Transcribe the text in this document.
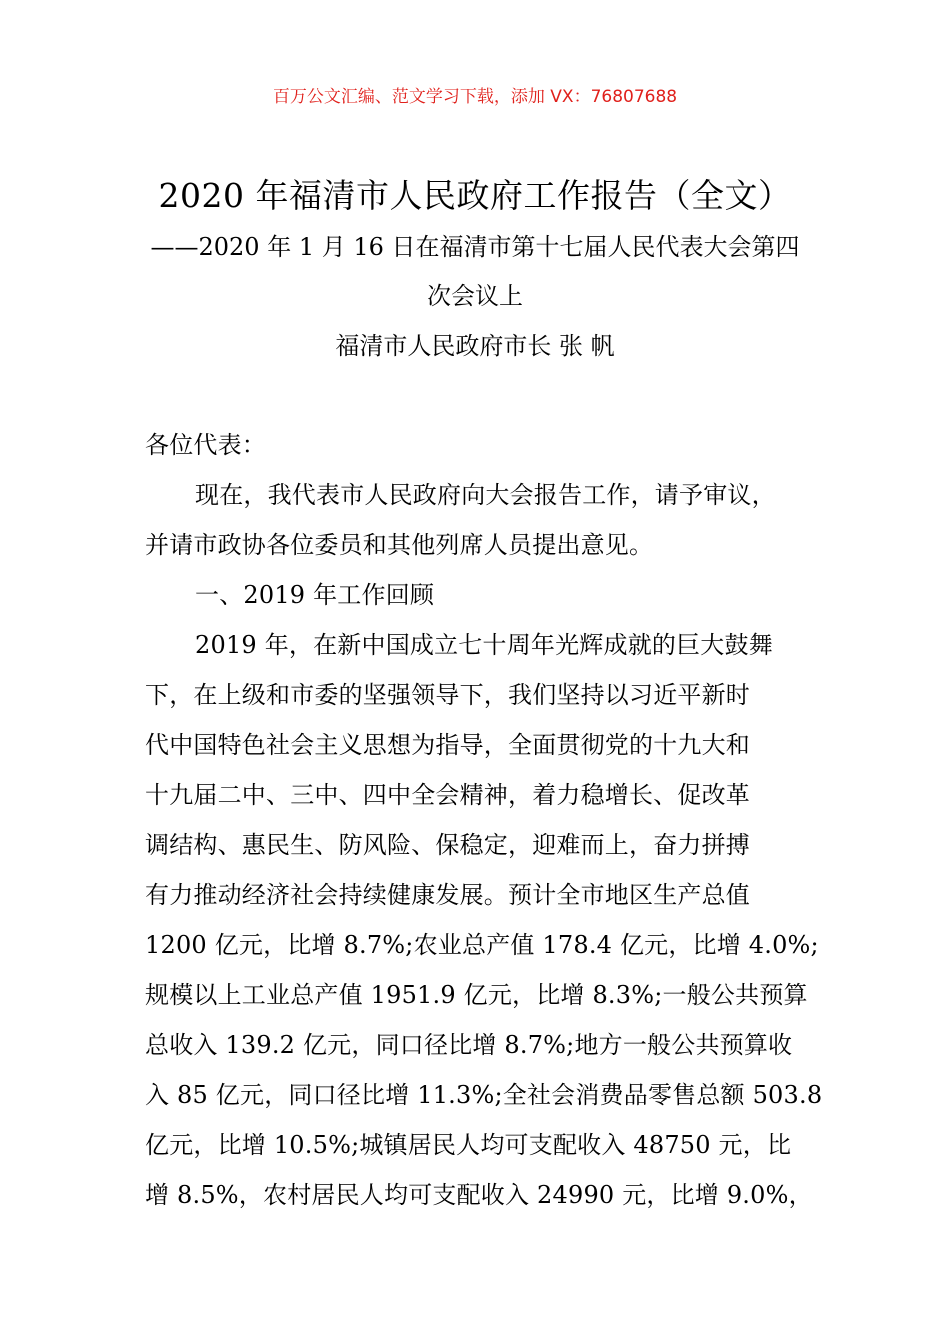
百万公文汇编、范文学习下载，添加 VX：76807688
2020 年福清市人民政府工作报告（全文）
——2020 年 1 月 16 日在福清市第十七届人民代表大会第四
次会议上
福清市人民政府市长 张 帆
各位代表：
现在，我代表市人民政府向大会报告工作，请予审议，
并请市政协各位委员和其他列席人员提出意见。
一、2019 年工作回顾
2019 年，在新中国成立七十周年光辉成就的巨大鼓舞
下，在上级和市委的坚强领导下，我们坚持以习近平新时
代中国特色社会主义思想为指导，全面贯彻党的十九大和
十九届二中、三中、四中全会精神，着力稳增长、促改革
调结构、惠民生、防风险、保稳定，迎难而上，奋力拼搏
有力推动经济社会持续健康发展。预计全市地区生产总值
1200 亿元，比增 8.7%;农业总产值 178.4 亿元，比增 4.0%;
规模以上工业总产值 1951.9 亿元，比增 8.3%;一般公共预算
总收入 139.2 亿元，同口径比增 8.7%;地方一般公共预算收
入 85 亿元，同口径比增 11.3%;全社会消费品零售总额 503.8
亿元，比增 10.5%;城镇居民人均可支配收入 48750 元，比
增 8.5%，农村居民人均可支配收入 24990 元，比增 9.0%，
